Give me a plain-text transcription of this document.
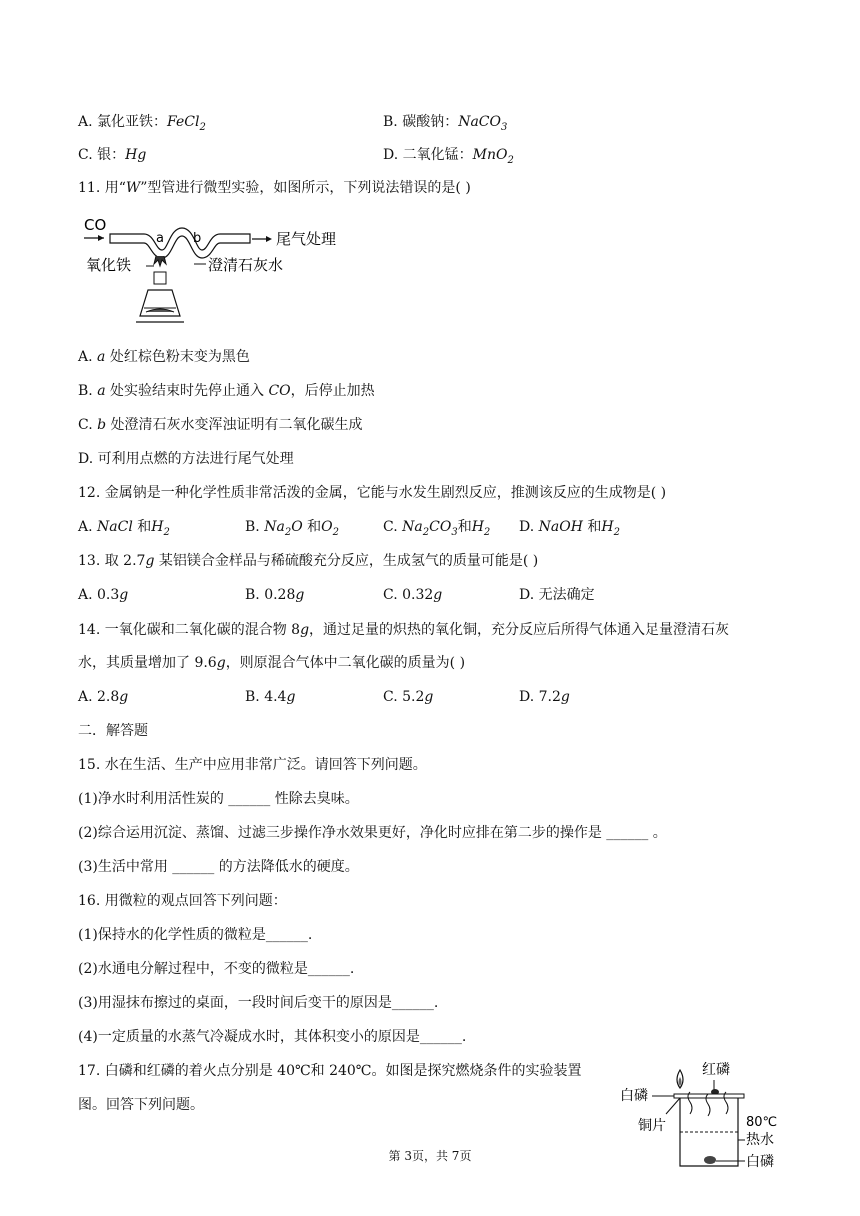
A. 氯化亚铁：FeCl$_2$	B. 碳酸钠：NaCO$_3$
C. 银：Hg	D. 二氧化锰：MnO$_2$
11. 用“W”型管进行微型实验，如图所示，下列说法错误的是( )
CO
a b	尾气处理
氧化铁	澄清石灰水
A. a 处红棕色粉末变为黑色
B. a 处实验结束时先停止通入 CO，后停止加热
C. b 处澄清石灰水变浑浊证明有二氧化碳生成
D. 可利用点燃的方法进行尾气处理
12. 金属钠是一种化学性质非常活泼的金属，它能与水发生剧烈反应，推测该反应的生成物是( )
A. NaCl 和$H_2$	B. $Na_2O$ 和$O_2$	C. $Na_2CO_3$和$H_2$ D. NaOH 和$H_2$
13. 取 2.7g 某铝镁合金样品与稀硫酸充分反应，生成氢气的质量可能是( )
A. 0.3g	B. 0.28g	C. 0.32g	D. 无法确定
14. 一氧化碳和二氧化碳的混合物 8g，通过足量的炽热的氧化铜，充分反应后所得气体通入足量澄清石灰
水，其质量增加了 9.6g，则原混合气体中二氧化碳的质量为( )
A. 2.8g	B. 4.4g	C. 5.2g	D. 7.2g
二．解答题
15. 水在生活、生产中应用非常广泛。请回答下列问题。
(1)净水时利用活性炭的 ______ 性除去臭味。
(2)综合运用沉淀、蒸馏、过滤三步操作净水效果更好，净化时应排在第二步的操作是 ______ 。
(3)生活中常用 ______ 的方法降低水的硬度。
16. 用微粒的观点回答下列问题：
(1)保持水的化学性质的微粒是______.
(2)水通电分解过程中，不变的微粒是______.
(3)用湿抹布擦过的桌面，一段时间后变干的原因是______.
(4)一定质量的水蒸气冷凝成水时，其体积变小的原因是______.
17. 白磷和红磷的着火点分别是 40℃和 240℃。如图是探究燃烧条件的实验装置
图。回答下列问题。
红磷
白磷
80℃
铜片
热水
白磷
第 3页，共 7页
